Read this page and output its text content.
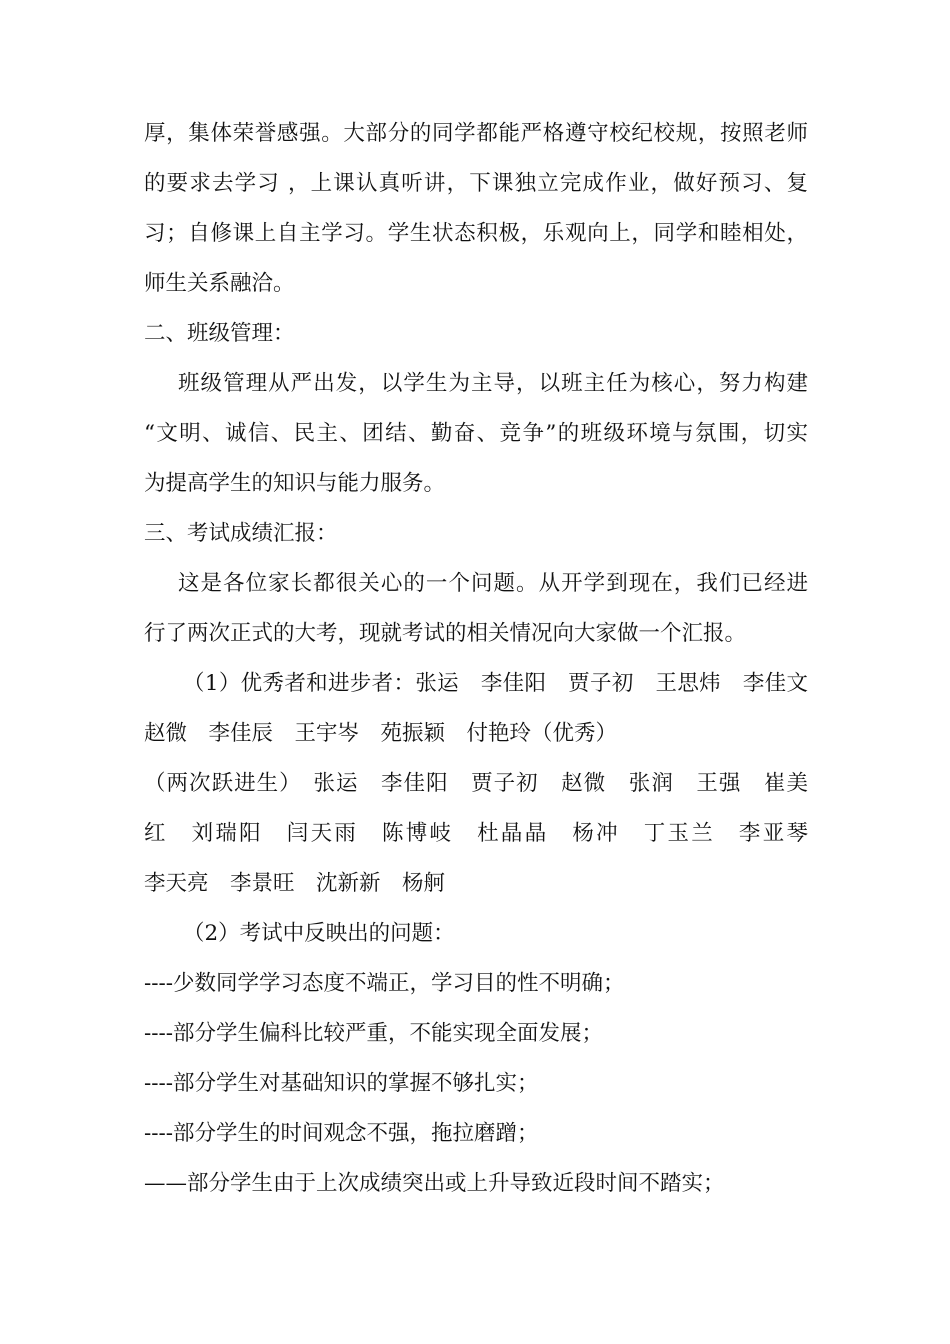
厚，集体荣誉感强。大部分的同学都能严格遵守校纪校规，按照老师
的要求去学习 ，上课认真听讲，下课独立完成作业，做好预习、复
习；自修课上自主学习。学生状态积极，乐观向上，同学和睦相处，
师生关系融洽。
二、班级管理：
班级管理从严出发，以学生为主导，以班主任为核心，努力构建
“文明、诚信、民主、团结、勤奋、竞争”的班级环境与氛围，切实
为提高学生的知识与能力服务。
三、考试成绩汇报：
这是各位家长都很关心的一个问题。从开学到现在，我们已经进
行了两次正式的大考，现就考试的相关情况向大家做一个汇报。
（1）优秀者和进步者：张运　李佳阳　贾子初　王思炜　李佳文
赵微　李佳辰　王宇岑　苑振颖　付艳玲（优秀）
（两次跃进生）　张运　李佳阳　贾子初　赵微　张润　王强　崔美
红　刘瑞阳　闫天雨　陈博岐　杜晶晶　杨冲　丁玉兰　李亚琴
李天亮　李景旺　沈新新　杨舸
（2）考试中反映出的问题：
----少数同学学习态度不端正，学习目的性不明确；
----部分学生偏科比较严重，不能实现全面发展；
----部分学生对基础知识的掌握不够扎实；
----部分学生的时间观念不强，拖拉磨蹭；
——部分学生由于上次成绩突出或上升导致近段时间不踏实；
